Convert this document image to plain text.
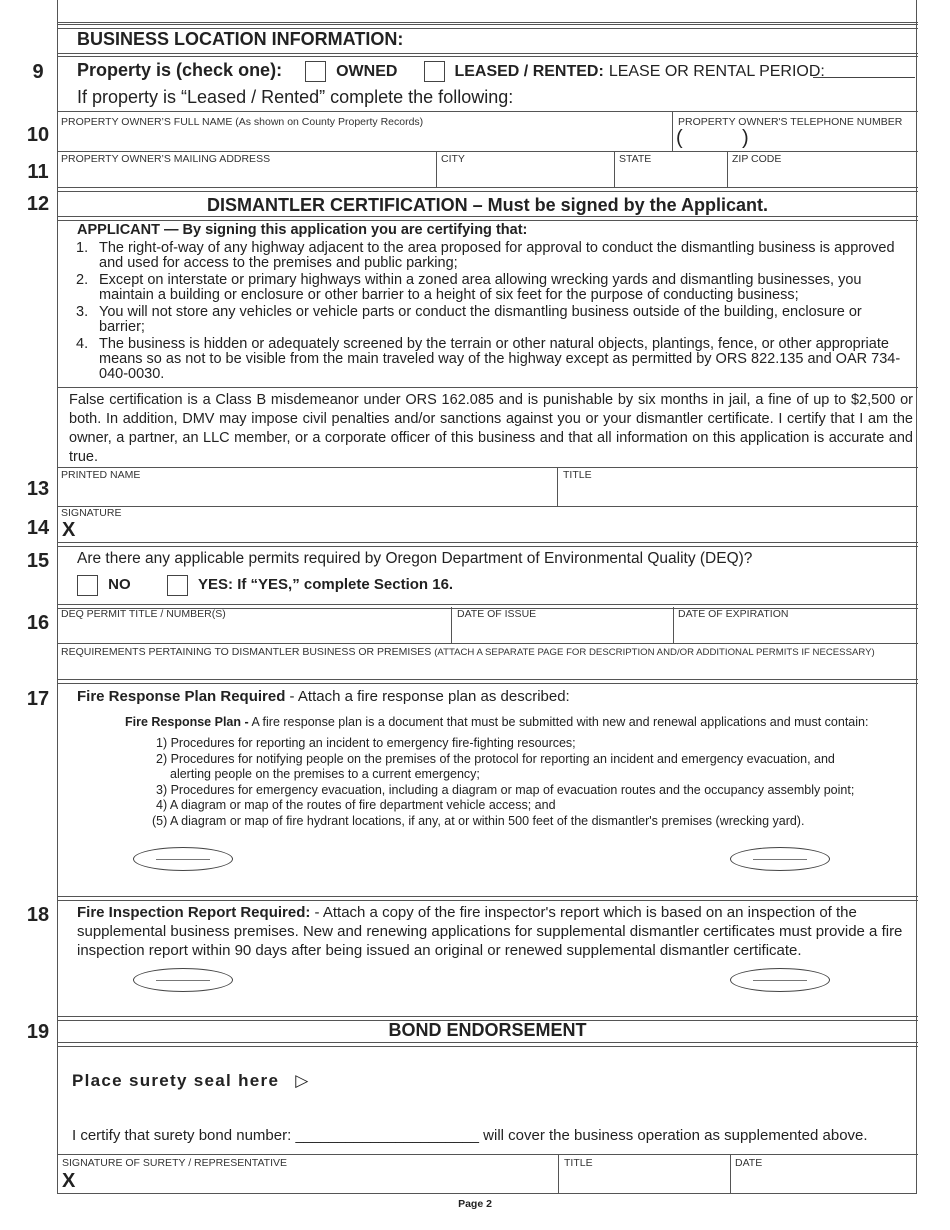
BUSINESS LOCATION INFORMATION:
9	Property is (check one):	OWNED	LEASED / RENTED: LEASE OR RENTAL PERIOD:
If property is “Leased / Rented” complete the following:
10
PROPERTY OWNER’S FULL NAME (As shown on County Property Records)	PROPERTY OWNER'S TELEPHONE NUMBER
(	)
11
PROPERTY OWNER’S MAILING ADDRESS	CITY	STATE	ZIP CODE
12	DISMANTLER CERTIFICATION – Must be signed by the Applicant.
APPLICANT — By signing this application you are certifying that:
1. The right-of-way of any highway adjacent to the area proposed for approval to conduct the dismantling business is approved and used for access to the premises and public parking;
2. Except on interstate or primary highways within a zoned area allowing wrecking yards and dismantling businesses, you maintain a building or enclosure or other barrier to a height of six feet for the purpose of conducting business;
3. You will not store any vehicles or vehicle parts or conduct the dismantling business outside of the building, enclosure or barrier;
4. The business is hidden or adequately screened by the terrain or other natural objects, plantings, fence, or other appropriate means so as not to be visible from the main traveled way of the highway except as permitted by ORS 822.135 and OAR 734-040-0030.
False certification is a Class B misdemeanor under ORS 162.085 and is punishable by six months in jail, a fine of up to $2,500 or both. In addition, DMV may impose civil penalties and/or sanctions against you or your dismantler certificate. I certify that I am the owner, a partner, an LLC member, or a corporate officer of this business and that all information on this application is accurate and true.
13
PRINTED NAME	TITLE
14
SIGNATURE
X
15	Are there any applicable permits required by Oregon Department of Environmental Quality (DEQ)?
NO	YES: If “YES,” complete Section 16.
16	DEQ PERMIT TITLE / NUMBER(S)	DATE OF ISSUE	DATE OF EXPIRATION
REQUIREMENTS PERTAINING TO DISMANTLER BUSINESS OR PREMISES (ATTACH A SEPARATE PAGE FOR DESCRIPTION AND/OR ADDITIONAL PERMITS IF NECESSARY)
17	Fire Response Plan Required - Attach a fire response plan as described:
Fire Response Plan - A fire response plan is a document that must be submitted with new and renewal applications and must contain:
1) Procedures for reporting an incident to emergency fire-fighting resources;
2) Procedures for notifying people on the premises of the protocol for reporting an incident and emergency evacuation, and
alerting people on the premises to a current emergency;
3) Procedures for emergency evacuation, including a diagram or map of evacuation routes and the occupancy assembly point;
4) A diagram or map of the routes of fire department vehicle access; and
(5) A diagram or map of fire hydrant locations, if any, at or within 500 feet of the dismantler's premises (wrecking yard).
18	Fire Inspection Report Required: - Attach a copy of the fire inspector's report which is based on an inspection of the supplemental business premises. New and renewing applications for supplemental dismantler certificates must provide a fire inspection report within 90 days after being issued an original or renewed supplemental dismantler certificate.
19	BOND ENDORSEMENT
Place surety seal here ▷
I certify that surety bond number: ______________________ will cover the business operation as supplemented above.
SIGNATURE OF SURETY / REPRESENTATIVE
X
TITLE	DATE
Page 2
